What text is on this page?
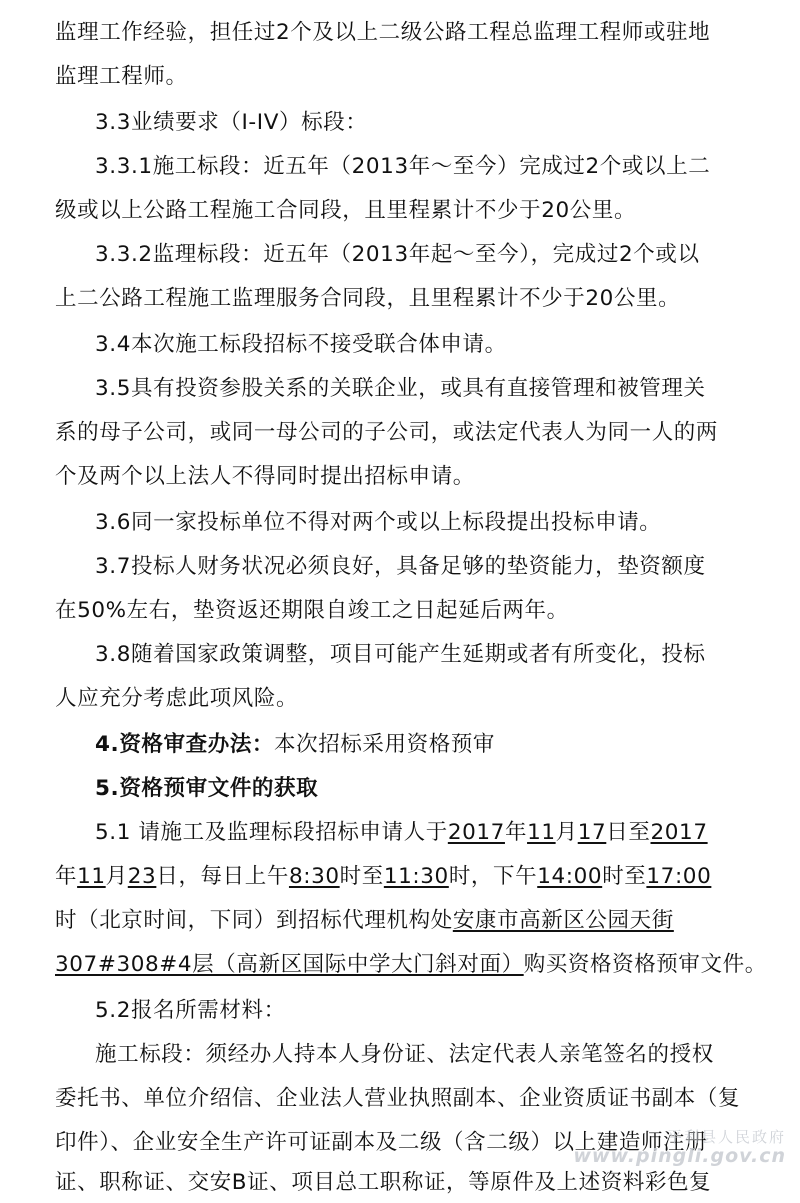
监理工作经验，担任过2个及以上二级公路工程总监理工程师或驻地
监理工程师。
3.3业绩要求（I-IV）标段：
3.3.1施工标段：近五年（2013年～至今）完成过2个或以上二
级或以上公路工程施工合同段，且里程累计不少于20公里。
3.3.2监理标段：近五年（2013年起～至今），完成过2个或以
上二公路工程施工监理服务合同段，且里程累计不少于20公里。
3.4本次施工标段招标不接受联合体申请。
3.5具有投资参股关系的关联企业，或具有直接管理和被管理关
系的母子公司，或同一母公司的子公司，或法定代表人为同一人的两
个及两个以上法人不得同时提出招标申请。
3.6同一家投标单位不得对两个或以上标段提出投标申请。
3.7投标人财务状况必须良好，具备足够的垫资能力，垫资额度
在50%左右，垫资返还期限自竣工之日起延后两年。
3.8随着国家政策调整，项目可能产生延期或者有所变化，投标
人应充分考虑此项风险。
4.资格审查办法：本次招标采用资格预审
5.资格预审文件的获取
5.1 请施工及监理标段招标申请人于2017年11月17日至2017
年11月23日，每日上午8:30时至11:30时，下午14:00时至17:00
时（北京时间，下同）到招标代理机构处安康市高新区公园天街
307#308#4层（高新区国际中学大门斜对面）购买资格资格预审文件。
5.2报名所需材料：
施工标段：须经办人持本人身份证、法定代表人亲笔签名的授权
委托书、单位介绍信、企业法人营业执照副本、企业资质证书副本（复
印件）、企业安全生产许可证副本及二级（含二级）以上建造师注册
证、职称证、交安B证、项目总工职称证，等原件及上述资料彩色复
平利县人民政府
www.pingli.gov.cn
